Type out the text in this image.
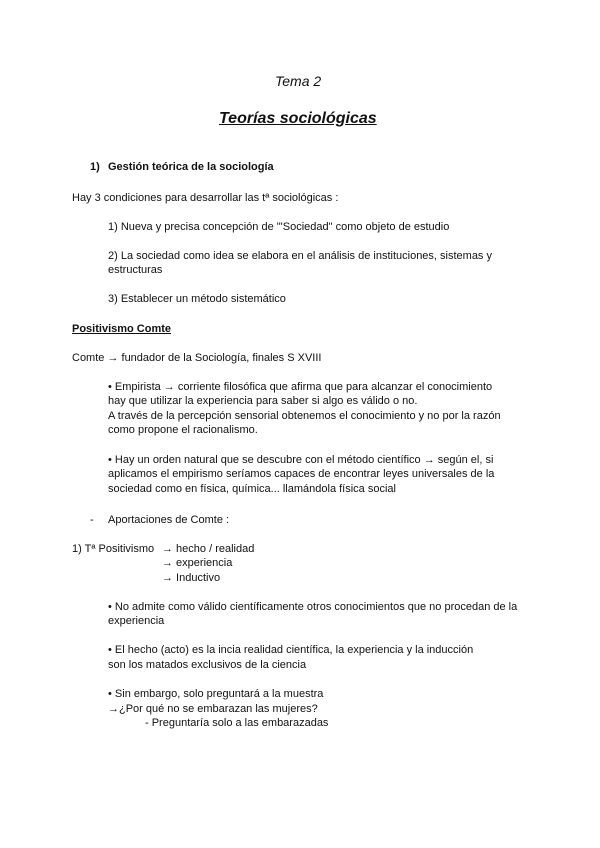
Tema 2
Teorías sociológicas
1) Gestión teórica de la sociología
Hay 3 condiciones para desarrollar las tª sociológicas :
1) Nueva y precisa concepción de "'Sociedad" como objeto de estudio
2) La sociedad como idea se elabora en el análisis de instituciones, sistemas y
estructuras
3) Establecer un método sistemático
Positivismo Comte
Comte → fundador de la Sociología, finales S XVIII
• Empirista → corriente filosófica que afirma que para alcanzar el conocimiento
hay que utilizar la experiencia para saber si algo es válido o no.
A través de la percepción sensorial obtenemos el conocimiento y no por la razón
como propone el racionalismo.
• Hay un orden natural que se descubre con el método científico → según el, si
aplicamos el empirismo seríamos capaces de encontrar leyes universales de la
sociedad como en física, química... llamándola física social
- Aportaciones de Comte :
1) Tª Positivismo → hecho / realidad
→ experiencia
→ Inductivo
• No admite como válido científicamente otros conocimientos que no procedan de la
experiencia
• El hecho (acto) es la incia realidad científica, la experiencia y la inducción
son los matados exclusivos de la ciencia
• Sin embargo, solo preguntará a la muestra
→¿Por qué no se embarazan las mujeres?
- Preguntaría solo a las embarazadas
